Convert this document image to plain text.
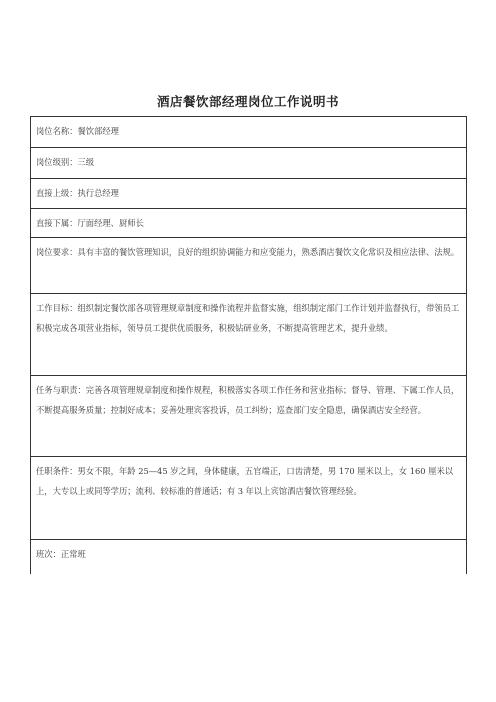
酒店餐饮部经理岗位工作说明书
岗位名称：餐饮部经理
岗位级别：三级
直接上级：执行总经理
直接下属：厅面经理、厨师长
岗位要求：具有丰富的餐饮管理知识，良好的组织协调能力和应变能力，熟悉酒店餐饮文化常识及相应法律、法规。
工作目标：组织制定餐饮部各项管理规章制度和操作流程并监督实施，组织制定部门工作计划并监督执行，带领员工积极完成各项营业指标，领导员工提供优质服务，积极钻研业务，不断提高管理艺术，提升业绩。
任务与职责：完善各项管理规章制度和操作规程，积极落实各项工作任务和营业指标；督导、管理、下属工作人员，不断提高服务质量；控制好成本；妥善处理宾客投诉，员工纠纷；巡查部门安全隐患，确保酒店安全经营。
任职条件：男女不限，年龄 25—45 岁之间，身体健康，五官端正，口齿清楚，男 170 厘米以上，女 160 厘米以上，大专以上或同等学历；流利、较标准的普通话；有 3 年以上宾馆酒店餐饮管理经验。
班次：正常班
